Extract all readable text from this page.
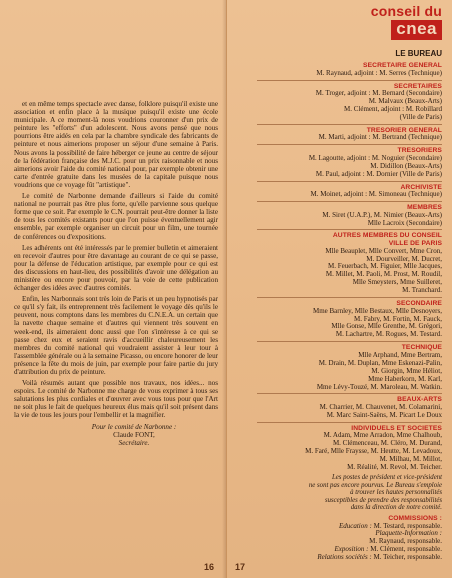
et en même temps spectacle avec danse, folklore puisqu'il existe une association et enfin place à la musique puisqu'il existe une école municipale. A ce moment-là nous voudrions couronner d'un prix de peinture les "efforts" d'un adolescent. Nous avons pensé que nous pourrions être aidés en cela par la chambre syndicale des fabricants de peinture et nous aimerions proposer un séjour d'une semaine à Paris. Nous avons la possibilité de faire héberger ce jeune au centre de séjour de la fédération française des M.J.C. pour un prix raisonnable et nous aimerions avoir l'aide du comité national pour, par exemple obtenir une carte d'entrée gratuite dans les musées de la capitale puisque nous voudrions que ce voyage fût "artistique".

Le comité de Narbonne demande d'ailleurs si l'aide du comité national ne pourrait pas être plus forte, qu'elle parvienne sous quelque forme que ce soit. Par exemple le C.N. pourrait peut-être donner la liste de tous les comités existants pour que l'on puisse éventuellement agir ensemble, par exemple organiser un circuit pour un film, une tournée de conférences ou d'expositions.

Les adhérents ont été intéressés par le premier bulletin et aimeraient en recevoir d'autres pour être davantage au courant de ce qui se passe, pour la défense de l'éducation artistique, par exemple pour ce qui est des discussions en haut-lieu, des possibilités d'avoir une délégation au ministère ou encore pour pouvoir, par la voie de cette publication échanger des idées avec d'autres comités.

Enfin, les Narbonnais sont très loin de Paris et un peu hypnotisés par ce qu'il s'y fait, ils entreprennent très facilement le voyage dès qu'ils le peuvent, nous comptons dans les membres du C.N.E.A. un certain que la navette chaque semaine et d'autres qui viennent très souvent en week-end, ils aimeraient donc aussi que l'on s'intéresse à ce qui se passe chez eux et seraient ravis d'accueillir chaleureusement les membres du comité national qui voudraient assister à leur tour à l'assemblée générale ou à la semaine Picasso, ou encore honorer de leur présence la fête du mois de juin, par exemple pour faire partie du jury d'attribution du prix de peinture.

Voilà résumés autant que possible nos travaux, nos idées... nos espoirs. Le comité de Narbonne me charge de vous exprimer à tous ses salutations les plus cordiales et d'œuvrer avec vous tous pour que l'Art ne soit plus le fait de quelques heureux élus mais qu'il soit présent dans la vie de tous les jours pour l'embellir et la magnifier.

Pour le comité de Narbonne :
Claude FONT,
Secrétaire.
16
conseil du
cnea
LE BUREAU
SECRETAIRE GENERAL
M. Raynaud, adjoint : M. Serres (Technique)
SECRETAIRES
M. Troger, adjoint : M. Bernard (Secondaire)
M. Malvaux (Beaux-Arts)
M. Clément, adjoint : M. Robillard
(Ville de Paris)
TRESORIER GENERAL
M. Marti, adjoint : M. Bertrand (Technique)
TRESORIERS
M. Lagoutte, adjoint : M. Noguier (Secondaire)
M. Didillon (Beaux-Arts)
M. Paul, adjoint : M. Dornier (Ville de Paris)
ARCHIVISTE
M. Moinet, adjoint : M. Simoneau (Technique)
MEMBRES
M. Siret (U.A.P.), M. Nimier (Beaux-Arts)
Mlle Lacroix (Secondaire)
AUTRES MEMBRES DU CONSEIL
VILLE DE PARIS
Mlle Beauplet, Mlle Convert, Mme Cron,
M. Dourveiller, M. Ducret,
M. Feuerbach, M. Figuier, Mlle Jacques,
M. Millet, M. Paoli, M. Prost, M. Roudil,
Mlle Smeysters, Mme Suilleret,
M. Tranchard.
SECONDAIRE
Mme Barnley, Mlle Bestaux, Mlle Desnoyers,
M. Fabry, M. Fortin, M. Fauck,
Mlle Gonse, Mlle Grenthe, M. Grégori,
M. Lachartre, M. Rogues, M. Testard.
TECHNIQUE
Mlle Arphand, Mme Bertram,
M. Drain, M. Duplan, Mme Eskenazi-Palin,
M. Giorgin, Mme Héliot,
Mme Haberkorn, M. Karl,
Mme Lévy-Touzé, M. Maroleau, M. Watkin.
BEAUX-ARTS
M. Charrier, M. Chauvenet, M. Colamarini,
M. Marc Saint-Saëns, M. Picart Le Doux
INDIVIDUELS ET SOCIETES
M. Adam, Mme Arradon, Mme Chalhoub,
M. Clémenceau, M. Cléro, M. Durand,
M. Faré, Mlle Fraysse, M. Heutte, M. Levadoux,
M. Milhau, M. Millot,
M. Réalité, M. Revol, M. Teicher.
Les postes de président et vice-président
ne sont pas encore pourvus. Le Bureau s'emploie
à trouver les hautes personnalités
susceptibles de prendre des responsabilités
dans la direction de notre comité.
COMMISSIONS :
Education : M. Testard, responsable.
Plaquette-Information :
M. Raynaud, responsable.
Exposition : M. Clément, responsable.
Relations sociétés : M. Teicher, responsable.
17
